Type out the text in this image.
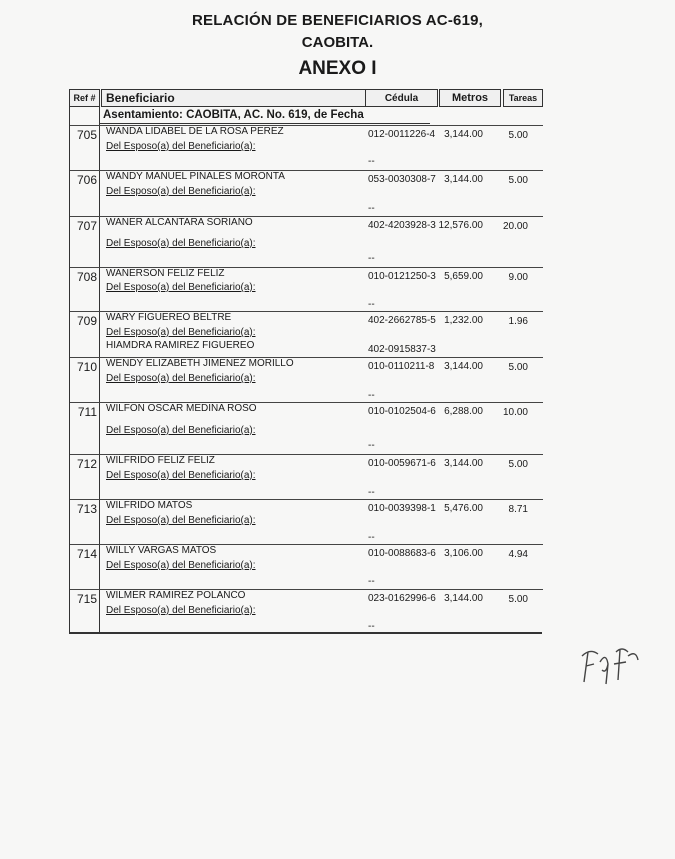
RELACIÓN DE BENEFICIARIOS AC-619,
CAOBITA.
ANEXO I
Ref # Beneficiario	Cédula	Metros	Tareas
Asentamiento: CAOBITA, AC. No. 619, de Fecha
705 WANDA LIDABEL DE LA ROSA PEREZ	012-0011226-4 3,144.00	5.00
Del Esposo(a) del Beneficiario(a):
--
706 WANDY MANUEL PINALES MORONTA	053-0030308-7 3,144.00	5.00
Del Esposo(a) del Beneficiario(a):
--
707 WANER ALCANTARA SORIANO	402-4203928-3 12,576.00	20.00
Del Esposo(a) del Beneficiario(a):
--
708 WANERSON FELIZ FELIZ	010-0121250-3 5,659.00	9.00
Del Esposo(a) del Beneficiario(a):
--
709 WARY FIGUEREO BELTRE	402-2662785-5 1,232.00	1.96
Del Esposo(a) del Beneficiario(a):
HIAMDRA RAMIREZ FIGUEREO	402-0915837-3
710 WENDY ELIZABETH JIMENEZ MORILLO	010-0110211-8 3,144.00	5.00
Del Esposo(a) del Beneficiario(a):
--
711 WILFON OSCAR MEDINA ROSO	010-0102504-6 6,288.00	10.00
Del Esposo(a) del Beneficiario(a):
--
712 WILFRIDO FELIZ FELIZ	010-0059671-6 3,144.00	5.00
Del Esposo(a) del Beneficiario(a):
--
713 WILFRIDO MATOS	010-0039398-1 5,476.00	8.71
Del Esposo(a) del Beneficiario(a):
--
714 WILLY VARGAS MATOS	010-0088683-6 3,106.00	4.94
Del Esposo(a) del Beneficiario(a):
--
715 WILMER RAMIREZ POLANCO	023-0162996-6 3,144.00	5.00
Del Esposo(a) del Beneficiario(a):
--
